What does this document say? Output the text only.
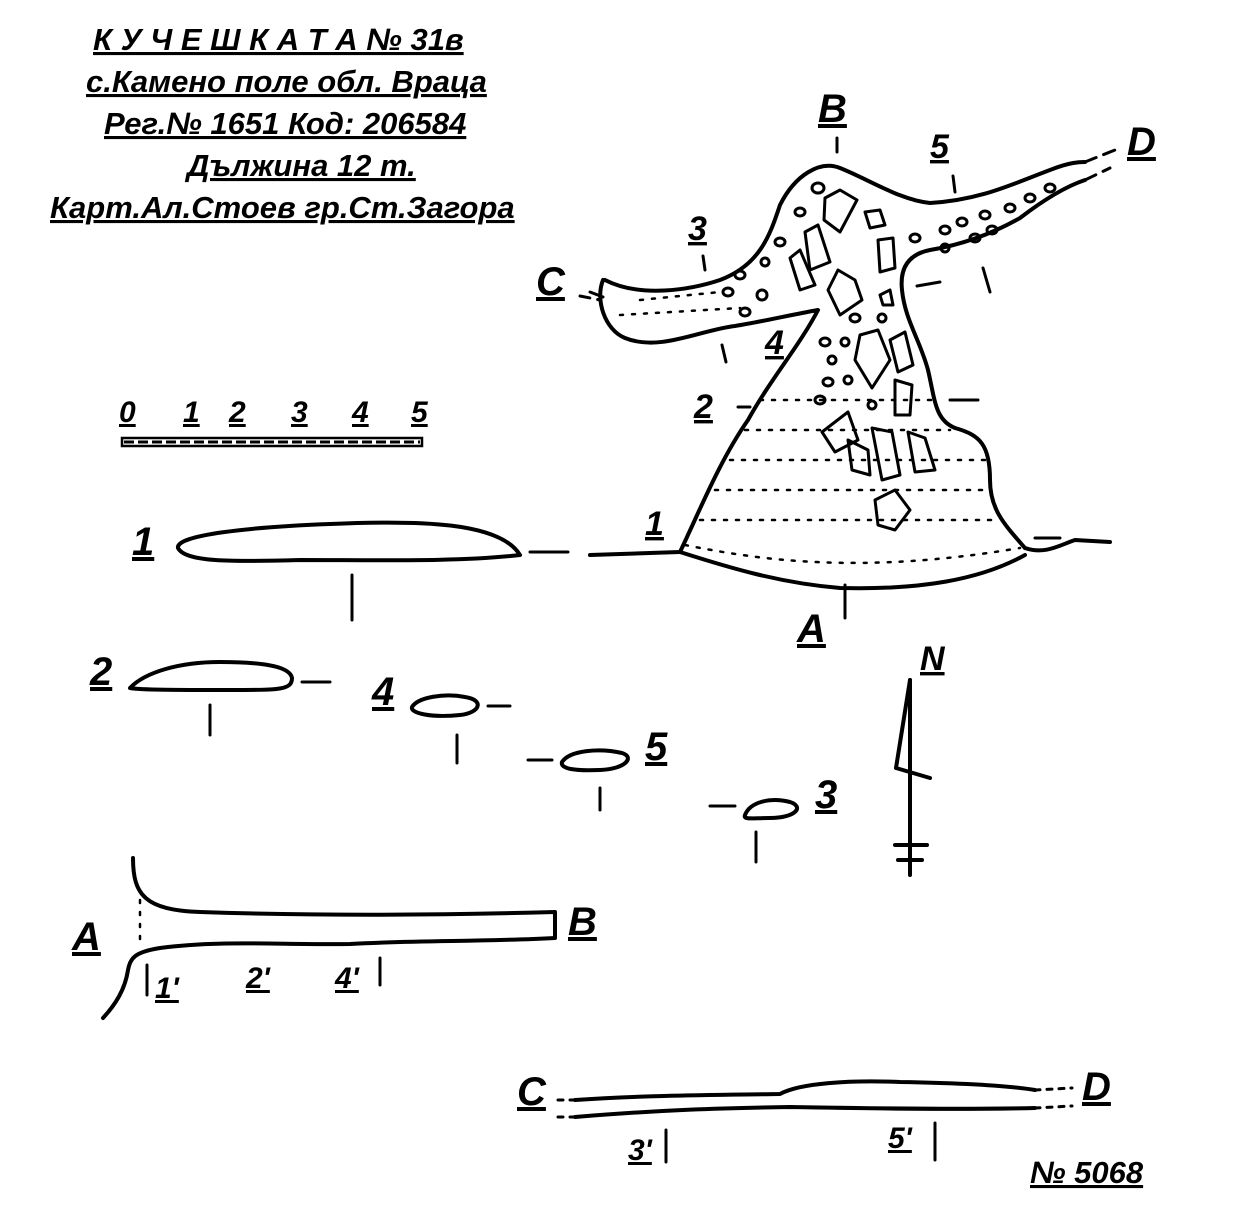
К У Ч Е Ш К А Т А № 31в
с.Камено поле обл. Враца
Рег.№ 1651 Код: 206584
Дължина 12 т.
Карт.Ал.Стоев гр.Ст.Загора
0 1 2 3 4 5
B
D
C
A
5
3
4
2
1
1
2	4
5
3
N
A	B
1' 2' 4'
C	D
3'	5'
№ 5068
